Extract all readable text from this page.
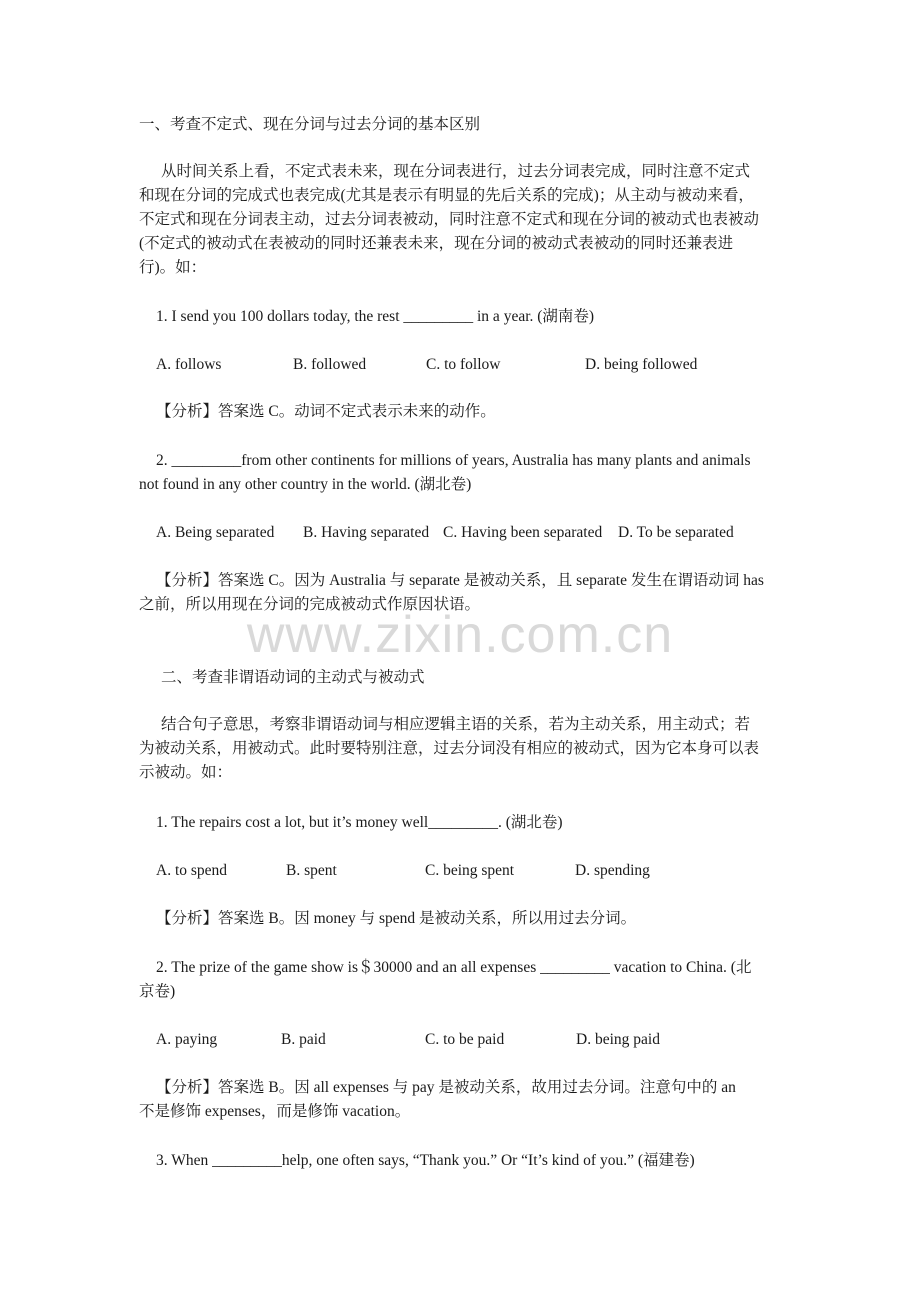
www.zixin.com.cn
一、考查不定式、现在分词与过去分词的基本区别
从时间关系上看，不定式表未来，现在分词表进行，过去分词表完成，同时注意不定式
和现在分词的完成式也表完成(尤其是表示有明显的先后关系的完成)；从主动与被动来看，
不定式和现在分词表主动，过去分词表被动，同时注意不定式和现在分词的被动式也表被动
(不定式的被动式在表被动的同时还兼表未来，现在分词的被动式表被动的同时还兼表进
行)。如：
1. I send you 100 dollars today, the rest _________ in a year. (湖南卷)
A. follows	B. followed	C. to follow	D. being followed
【分析】答案选 C。动词不定式表示未来的动作。
2. _________from other continents for millions of years, Australia has many plants and animals
not found in any other country in the world. (湖北卷)
A. Being separated B. Having separated C. Having been separated D. To be separated
【分析】答案选 C。因为 Australia 与 separate 是被动关系，且 separate 发生在谓语动词 has
之前，所以用现在分词的完成被动式作原因状语。
二、考查非谓语动词的主动式与被动式
结合句子意思，考察非谓语动词与相应逻辑主语的关系，若为主动关系，用主动式；若
为被动关系，用被动式。此时要特别注意，过去分词没有相应的被动式，因为它本身可以表
示被动。如：
1. The repairs cost a lot, but it’s money well_________. (湖北卷)
A. to spend	B. spent	C. being spent	D. spending
【分析】答案选 B。因 money 与 spend 是被动关系，所以用过去分词。
2. The prize of the game show is＄30000 and an all expenses _________ vacation to China. (北
京卷)
A. paying	B. paid	C. to be paid	D. being paid
【分析】答案选 B。因 all expenses 与 pay 是被动关系，故用过去分词。注意句中的 an
不是修饰 expenses，而是修饰 vacation。
3. When _________help, one often says, “Thank you.” Or “It’s kind of you.” (福建卷)
